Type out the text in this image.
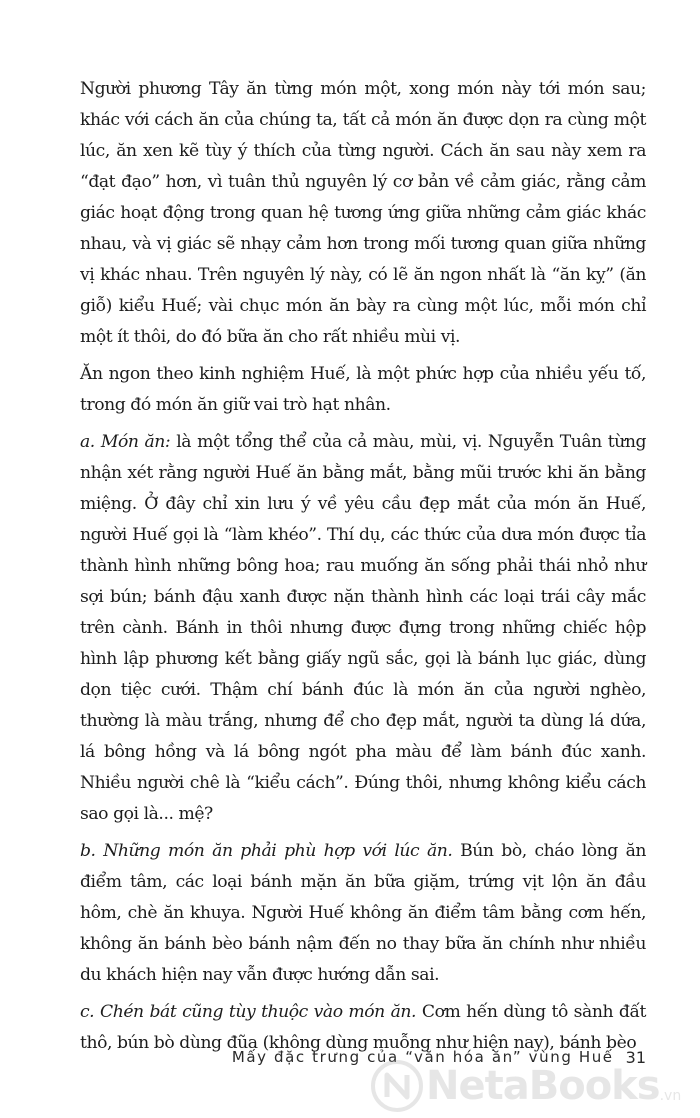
Người phương Tây ăn từng món một, xong món này tới món sau; khác với cách ăn của chúng ta, tất cả món ăn được dọn ra cùng một lúc, ăn xen kẽ tùy ý thích của từng người. Cách ăn sau này xem ra “đạt đạo” hơn, vì tuân thủ nguyên lý cơ bản về cảm giác, rằng cảm giác hoạt động trong quan hệ tương ứng giữa những cảm giác khác nhau, và vị giác sẽ nhạy cảm hơn trong mối tương quan giữa những vị khác nhau. Trên nguyên lý này, có lẽ ăn ngon nhất là “ăn kỵ” (ăn giỗ) kiểu Huế; vài chục món ăn bày ra cùng một lúc, mỗi món chỉ một ít thôi, do đó bữa ăn cho rất nhiều mùi vị.

Ăn ngon theo kinh nghiệm Huế, là một phức hợp của nhiều yếu tố, trong đó món ăn giữ vai trò hạt nhân.

a. Món ăn: là một tổng thể của cả màu, mùi, vị. Nguyễn Tuân từng nhận xét rằng người Huế ăn bằng mắt, bằng mũi trước khi ăn bằng miệng. Ở đây chỉ xin lưu ý về yêu cầu đẹp mắt của món ăn Huế, người Huế gọi là “làm khéo”. Thí dụ, các thức của dưa món được tỉa thành hình những bông hoa; rau muống ăn sống phải thái nhỏ như sợi bún; bánh đậu xanh được nặn thành hình các loại trái cây mắc trên cành. Bánh in thôi nhưng được đựng trong những chiếc hộp hình lập phương kết bằng giấy ngũ sắc, gọi là bánh lục giác, dùng dọn tiệc cưới. Thậm chí bánh đúc là món ăn của người nghèo, thường là màu trắng, nhưng để cho đẹp mắt, người ta dùng lá dứa, lá bông hồng và lá bông ngót pha màu để làm bánh đúc xanh. Nhiều người chê là “kiểu cách”. Đúng thôi, nhưng không kiểu cách sao gọi là... mệ?

b. Những món ăn phải phù hợp với lúc ăn. Bún bò, cháo lòng ăn điểm tâm, các loại bánh mặn ăn bữa giặm, trứng vịt lộn ăn đầu hôm, chè ăn khuya. Người Huế không ăn điểm tâm bằng cơm hến, không ăn bánh bèo bánh nậm đến no thay bữa ăn chính như nhiều du khách hiện nay vẫn được hướng dẫn sai.

c. Chén bát cũng tùy thuộc vào món ăn. Cơm hến dùng tô sành đất thô, bún bò dùng đũa (không dùng muỗng như hiện nay), bánh bèo

Mấy đặc trưng của “văn hóa ăn” vùng Huế 31
NetaBooks .vn
